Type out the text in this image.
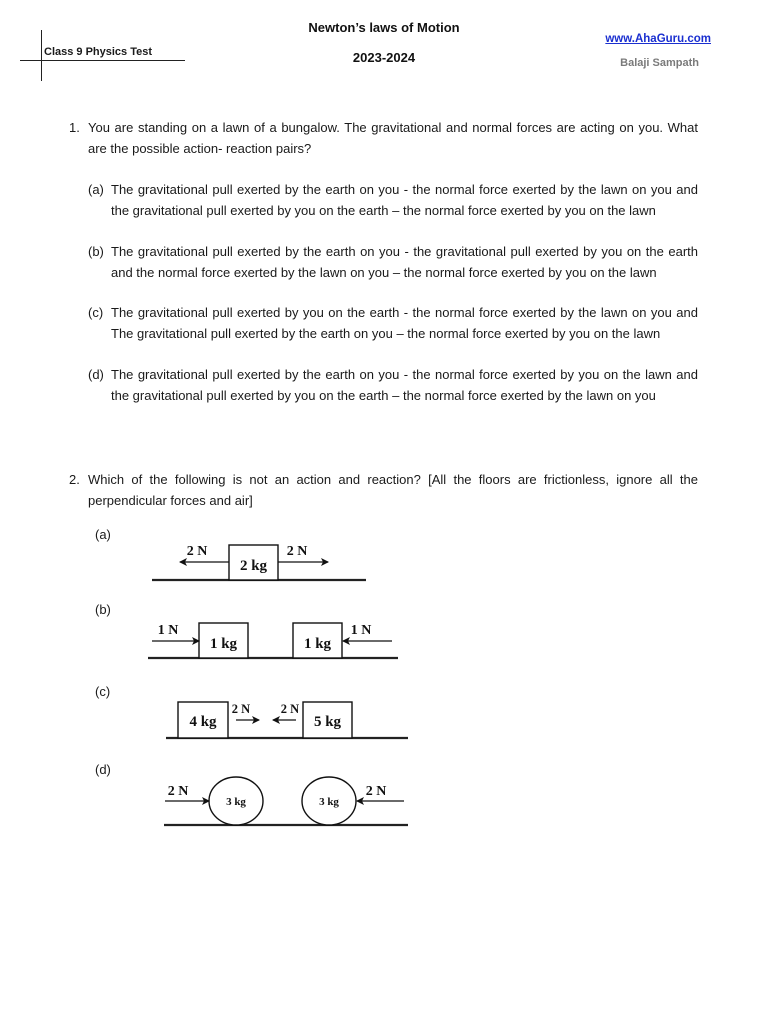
Newton’s laws of Motion
2023-2024
Class 9 Physics Test
www.AhaGuru.com
Balaji Sampath
1. You are standing on a lawn of a bungalow. The gravitational and normal forces are acting on you. What are the possible action- reaction pairs?
(a) The gravitational pull exerted by the earth on you - the normal force exerted by the lawn on you and the gravitational pull exerted by you on the earth – the normal force exerted by you on the lawn
(b) The gravitational pull exerted by the earth on you - the gravitational pull exerted by you on the earth and the normal force exerted by the lawn on you – the normal force exerted by you on the lawn
(c) The gravitational pull exerted by you on the earth - the normal force exerted by the lawn on you and The gravitational pull exerted by the earth on you – the normal force exerted by you on the lawn
(d) The gravitational pull exerted by the earth on you - the normal force exerted by you on the lawn and the gravitational pull exerted by you on the earth – the normal force exerted by the lawn on you
2. Which of the following is not an action and reaction? [All the floors are frictionless, ignore all the perpendicular forces and air]
(a)
(b)
(c)
(d)
2 kg
2 N	2 N
1 kg	1 kg
1 N	1 N
4 kg	5 kg
2 N 2 N
3 kg	3 kg
2 N	2 N
